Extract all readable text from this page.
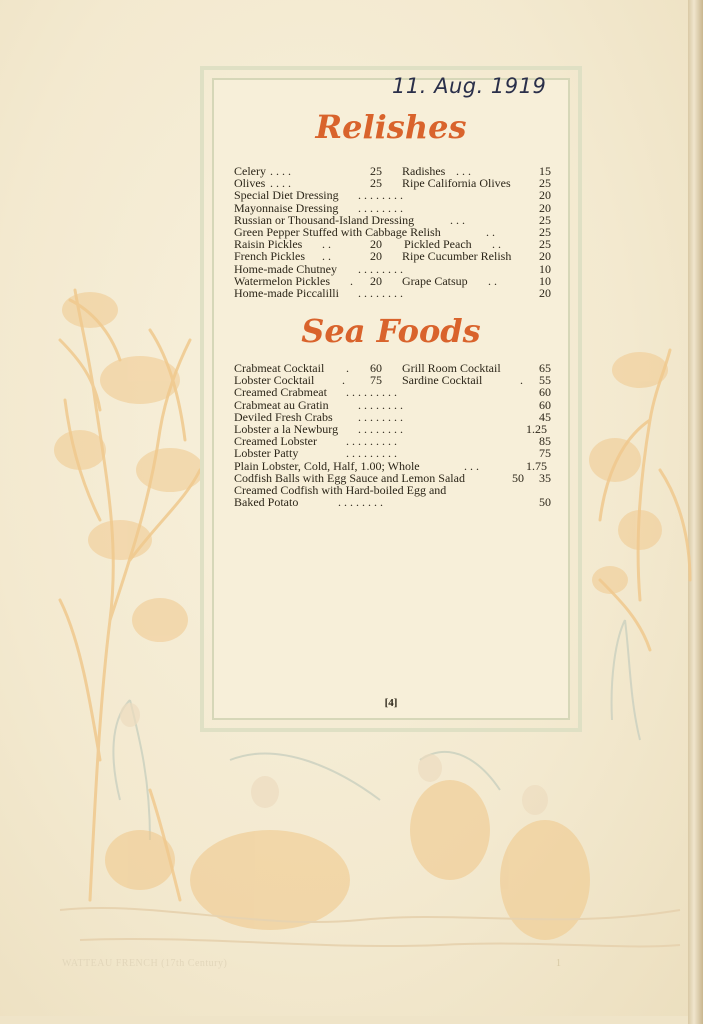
11. Aug. 1919
Relishes
Celery . . . .	25 Radishes . . .	15
Olives . . . .	25 Ripe California Olives 25
Special Diet Dressing . . . . . . . .	20
Mayonnaise Dressing . . . . . . . .	20
Russian or Thousand-Island Dressing	. . .	25
Green Pepper Stuffed with Cabbage Relish	. .	25
Raisin Pickles . .	20 Pickled Peach . .	25
French Pickles . .	20 Ripe Cucumber Relish 20
Home-made Chutney . . . . . . . .	10
Watermelon Pickles . 20 Grape Catsup . .	10
Home-made Piccalilli . . . . . . . .	20
Sea Foods
Crabmeat Cocktail . 60 Grill Room Cocktail	65
Lobster Cocktail . 75 Sardine Cocktail	. 55
Creamed Crabmeat . . . . . . . . .	60
Crabmeat au Gratin . . . . . . . .	60
Deviled Fresh Crabs . . . . . . . .	45
Lobster a la Newburg . . . . . . . .	1.25
Creamed Lobster . . . . . . . . .	85
Lobster Patty	. . . . . . . . .	75
Plain Lobster, Cold, Half, 1.00; Whole	. . .	1.75
Codfish Balls with Egg Sauce and Lemon Salad	50 35
Creamed Codfish with Hard-boiled Egg and
Baked Potato	. . . . . . . .	50
[4]
WATTEAU FRENCH (17th Century)	1
